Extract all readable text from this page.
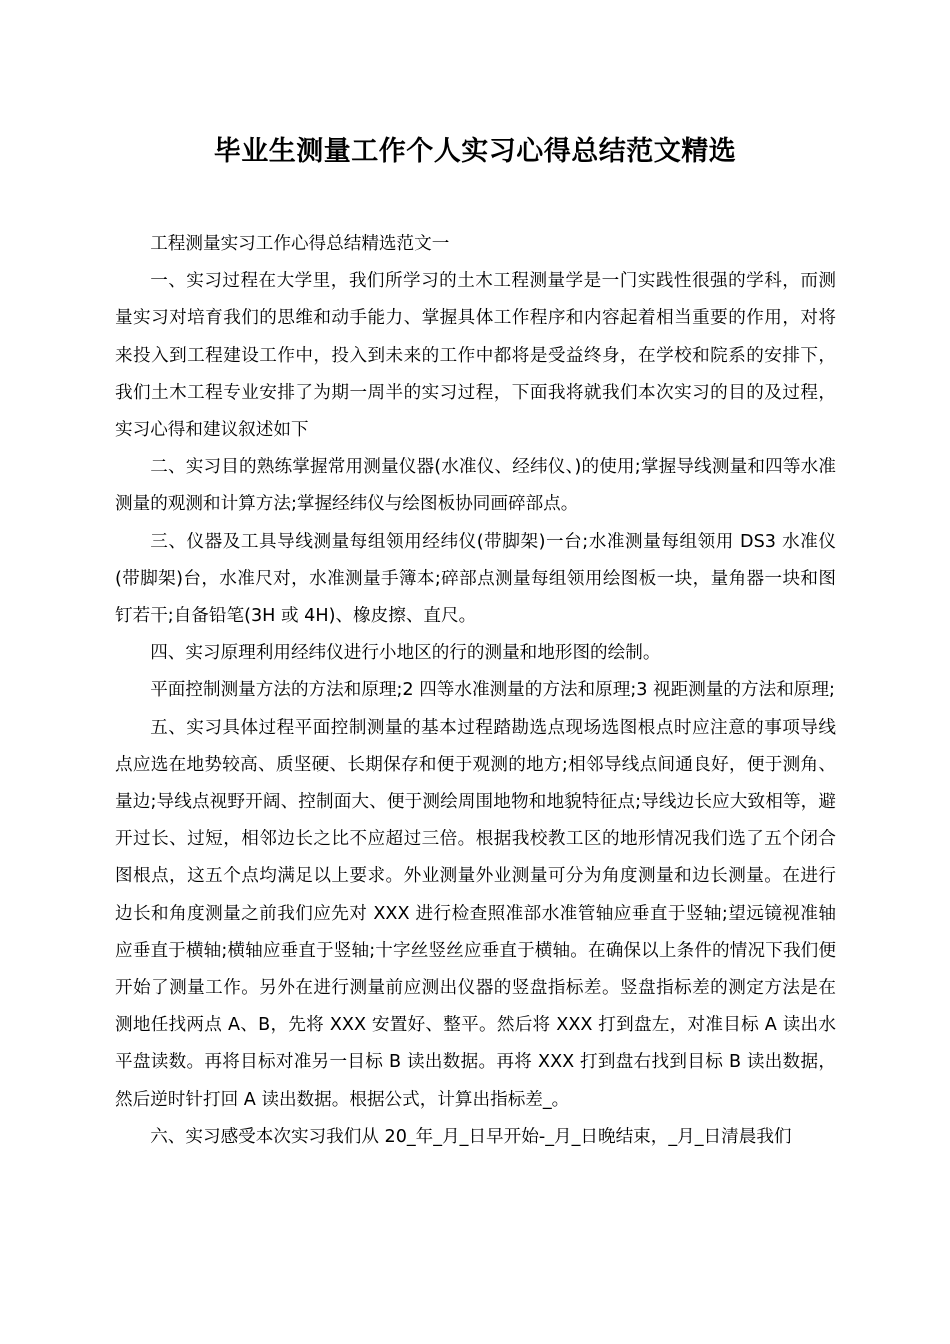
毕业生测量工作个人实习心得总结范文精选

工程测量实习工作心得总结精选范文一

一、实习过程在大学里，我们所学习的土木工程测量学是一门实践性很强的学科，而测量实习对培育我们的思维和动手能力、掌握具体工作程序和内容起着相当重要的作用，对将来投入到工程建设工作中，投入到未来的工作中都将是受益终身，在学校和院系的安排下，我们土木工程专业安排了为期一周半的实习过程，下面我将就我们本次实习的目的及过程，实习心得和建议叙述如下

二、实习目的熟练掌握常用测量仪器(水准仪、经纬仪、)的使用;掌握导线测量和四等水准测量的观测和计算方法;掌握经纬仪与绘图板协同画碎部点。

三、仪器及工具导线测量每组领用经纬仪(带脚架)一台;水准测量每组领用 DS3 水准仪(带脚架)台，水准尺对，水准测量手簿本;碎部点测量每组领用绘图板一块，量角器一块和图钉若干;自备铅笔(3H 或 4H)、橡皮擦、直尺。

四、实习原理利用经纬仪进行小地区的行的测量和地形图的绘制。

平面控制测量方法的方法和原理;2 四等水准测量的方法和原理;3 视距测量的方法和原理;

五、实习具体过程平面控制测量的基本过程踏勘选点现场选图根点时应注意的事项导线点应选在地势较高、质坚硬、长期保存和便于观测的地方;相邻导线点间通良好，便于测角、量边;导线点视野开阔、控制面大、便于测绘周围地物和地貌特征点;导线边长应大致相等，避开过长、过短，相邻边长之比不应超过三倍。根据我校教工区的地形情况我们选了五个闭合图根点，这五个点均满足以上要求。外业测量外业测量可分为角度测量和边长测量。在进行边长和角度测量之前我们应先对 XXX 进行检查照准部水准管轴应垂直于竖轴;望远镜视准轴应垂直于横轴;横轴应垂直于竖轴;十字丝竖丝应垂直于横轴。在确保以上条件的情况下我们便开始了测量工作。另外在进行测量前应测出仪器的竖盘指标差。竖盘指标差的测定方法是在测地任找两点 A、B，先将 XXX 安置好、整平。然后将 XXX 打到盘左，对准目标 A 读出水平盘读数。再将目标对准另一目标 B 读出数据。再将 XXX 打到盘右找到目标 B 读出数据，然后逆时针打回 A 读出数据。根据公式，计算出指标差_。

六、实习感受本次实习我们从 20_年_月_日早开始-_月_日晚结束，_月_日清晨我们
